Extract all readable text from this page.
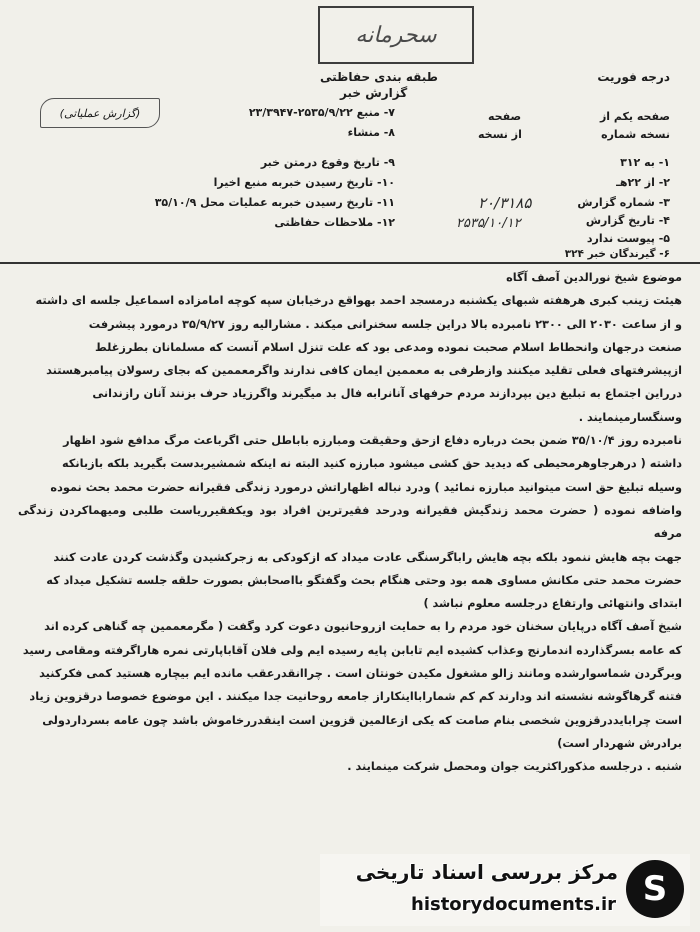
سحرمانه
درجه فوریت
طبقه بندی حفاظتی
گزارش خبر
(گزارش عملیاتی)	صفحه یکم از
نسخه شماره
۱- به ۳۱۲
۲- از ۲۲هـ
۳- شماره گزارش
۴- تاریخ گزارش
۵- پیوست ندارد
۶- گیرندگان خبر ۳۲۴
صفحه
از نسخه
۲۰/۳۱۸۵
۲۵۳۵/۱۰/۱۲
۷- منبع ۲۵۳۵/۹/۲۲-۲۳/۳۹۴۷
۸- منشاء
۹- تاریخ وقوع درمتن خبر
۱۰- تاریخ رسیدن خبربه منبع اخیرا
۱۱- تاریخ رسیدن خبربه عملیات محل ۳۵/۱۰/۹
۱۲- ملاحظات حفاظتی

موضوع شیخ نورالدین آصف آگاه

هیئت زینب کبری هرهفته شبهای یکشنبه درمسجد احمد بهواقع درخیابان سپه کوچه امامزاده اسماعیل جلسه ای داشته

و از ساعت ۲۰۳۰ الی ۲۳۰۰ نامبرده بالا دراین جلسه سخنرانی میکند . مشارالیه روز ۳۵/۹/۲۷ درمورد پیشرفت

صنعت درجهان وانحطاط اسلام صحبت نموده ومدعی بود که علت تنزل اسلام آنست که مسلمانان بطرزغلط

ازپیشرفتهای فعلی تقلید میکنند وازطرفی به معممین ایمان کافی ندارند واگرمعممین که بجای رسولان پیامبرهستند

درراین اجتماع به تبلیغ دین بپردازند مردم حرفهای آنانرابه فال بد میگیرند واگرزیاد حرف بزنند آنان رازندانی

وسنگسارمینمایند .

نامبرده روز ۳۵/۱۰/۴ ضمن بحث درباره دفاع ازحق وحقیقت ومبارزه باباطل حتی اگرباعث مرگ مدافع شود اظهار

داشته ( درهرجاوهرمحیطی که دیدید حق کشی میشود مبارزه کنید البته نه اینکه شمشیربدست بگیرید بلکه بازبانکه

وسیله تبلیغ حق است میتوانید مبارزه نمائید ) ودرد نباله اظهاراتش درمورد زندگی فقیرانه حضرت محمد بحث نموده

واضافه نموده ( حضرت محمد زندگیش فقیرانه ودرحد فقیرترین افراد بود ویکفقیرریاست طلبی ومیهماکردن زندگی مرفه

جهت بچه هایش ننمود بلکه بچه هایش راباگرسنگی عادت میداد که ازکودکی به زجرکشیدن وگذشت کردن عادت کنند

حضرت محمد حتی مکانش مساوی همه بود وحتی هنگام بحث وگفتگو بااصحابش بصورت حلقه جلسه تشکیل میداد که

ابتدای وانتهائی وارتفاع درجلسه معلوم نباشد )

شیخ آصف آگاه درپایان سخنان خود مردم را به حمایت ازروحانیون دعوت کرد وگفت ( مگرمعممین چه گناهی کرده اند

که عامه بسرگذارده اندمارنج وعذاب کشیده ایم تابابن پایه رسیده ایم ولی فلان آقاباپارتی نمره هاراگرفته ومقامی رسید

وبرگردن شماسوارشده ومانند زالو مشغول مکیدن خونتان است . چراانقدرعقب مانده ایم بیچاره هستید کمی فکرکنید

فتنه گرهاگوشه نشسته اند ودارند کم کم شمارابااینکاراز جامعه روحانیت جدا میکنند . این موضوع خصوصا درقزوین زیاد

است چرابایددرقزوین شخصی بنام صامت که یکی ازعالمین قزوین است اینقدررخاموش باشد چون عامه بسرداردولی

برادرش شهردار است)

شنبه . درجلسه مذکوراکثریت جوان ومحصل شرکت مینمایند .

S
مرکز بررسی اسناد تاریخی
historydocuments.ir
